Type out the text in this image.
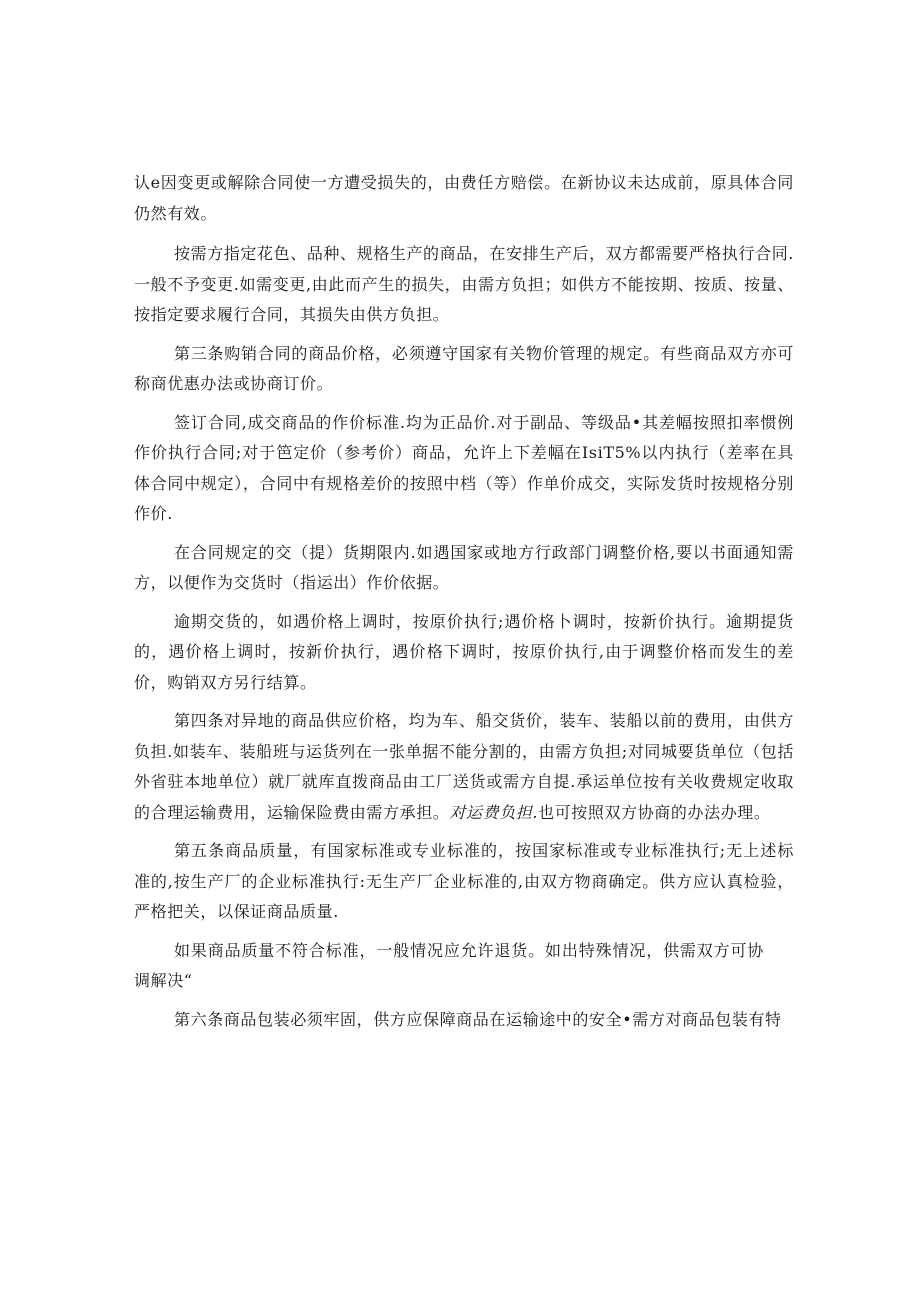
认e因变更或解除合同使一方遭受损失的，由费任方赔偿。在新协议未达成前，原具体合同仍然有效。

按需方指定花色、品种、规格生产的商品，在安排生产后，双方都需要严格执行合同.一般不予变更.如需变更,由此而产生的损失，由需方负担；如供方不能按期、按质、按量、按指定要求履行合同，其损失由供方负担。

第三条购销合同的商品价格，必须遵守国家有关物价管理的规定。有些商品双方亦可称商优惠办法或协商订价。

签订合同,成交商品的作价标准.均为正品价.对于副品、等级品•其差幅按照扣率惯例作价执行合同;对于笆定价（参考价）商品，允许上下差幅在IsiT5%以内执行（差率在具体合同中规定），合同中有规格差价的按照中档（等）作单价成交，实际发货时按规格分别作价.

在合同规定的交（提）货期限内.如遇国家或地方行政部门调整价格,要以书面通知需方，以便作为交货时（指运出）作价依据。

逾期交货的，如遇价格上调时，按原价执行;遇价格卜调时，按新价执行。逾期提货的，遇价格上调时，按新价执行，遇价格下调时，按原价执行,由于调整价格而发生的差价，购销双方另行结算。

第四条对异地的商品供应价格，均为车、船交货价，装车、装船以前的费用，由供方负担.如装车、装船班与运货列在一张单据不能分割的，由需方负担;对同城要货单位（包括外省驻本地单位）就厂就库直拨商品由工厂送货或需方自提.承运单位按有关收费规定收取的合理运输费用，运输保险费由需方承担。对运费负担.也可按照双方协商的办法办理。

第五条商品质量，有国家标准或专业标准的，按国家标准或专业标准执行;无上述标准的,按生产厂的企业标准执行:无生产厂企业标准的,由双方物商确定。供方应认真检验，严格把关，以保证商品质量.

如果商品质量不符合标准，一般情况应允许退货。如出特殊情况，供需双方可协调解决“

第六条商品包装必须牢固，供方应保障商品在运输途中的安全•需方对商品包装有特
